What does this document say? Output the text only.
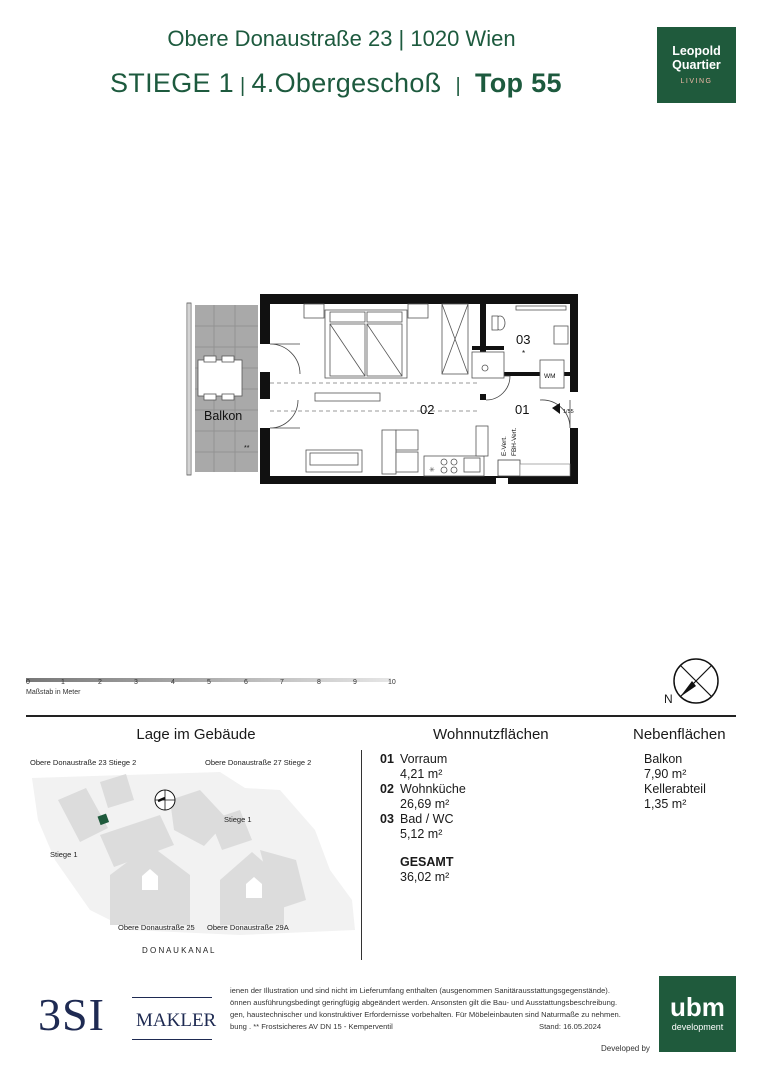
Obere Donaustraße 23 | 1020 Wien
STIEGE 1 | 4.Obergeschoß | Top 55
Leopold
Quartier
LIVING
Balkon
**
✳
E-Vert. FBH-Vert.
WM
03
*
02	01	1/55
0	1	2	3	4	5	6	7	8	9	10
Maßstab in Meter	N
Lage im Gebäude
Obere Donaustraße 23 Stiege 2	Obere Donaustraße 27 Stiege 2
Stiege 1
Stiege 1
Obere Donaustraße 25 Obere Donaustraße 29A
D O N A U K A N A L
Wohnnutzflächen
01 Vorraum
4,21 m²
02 Wohnküche
26,69 m²
03 Bad / WC
5,12 m²
GESAMT
36,02 m²
Nebenflächen
Balkon
7,90 m²
Kellerabteil
1,35 m²
3SI MAKLER
ienen der Illustration und sind nicht im Lieferumfang enthalten (ausgenommen Sanitärausstattungsgegenstände).
önnen ausführungsbedingt geringfügig abgeändert werden. Ansonsten gilt die Bau- und Ausstattungsbeschreibung.
gen, haustechnischer und konstruktiver Erfordernisse vorbehalten. Für Möbeleinbauten sind Naturmaße zu nehmen.
bung . ** Frostsicheres AV DN 15 - Kemperventil	Stand: 16.05.2024
Developed by
ubm
development
